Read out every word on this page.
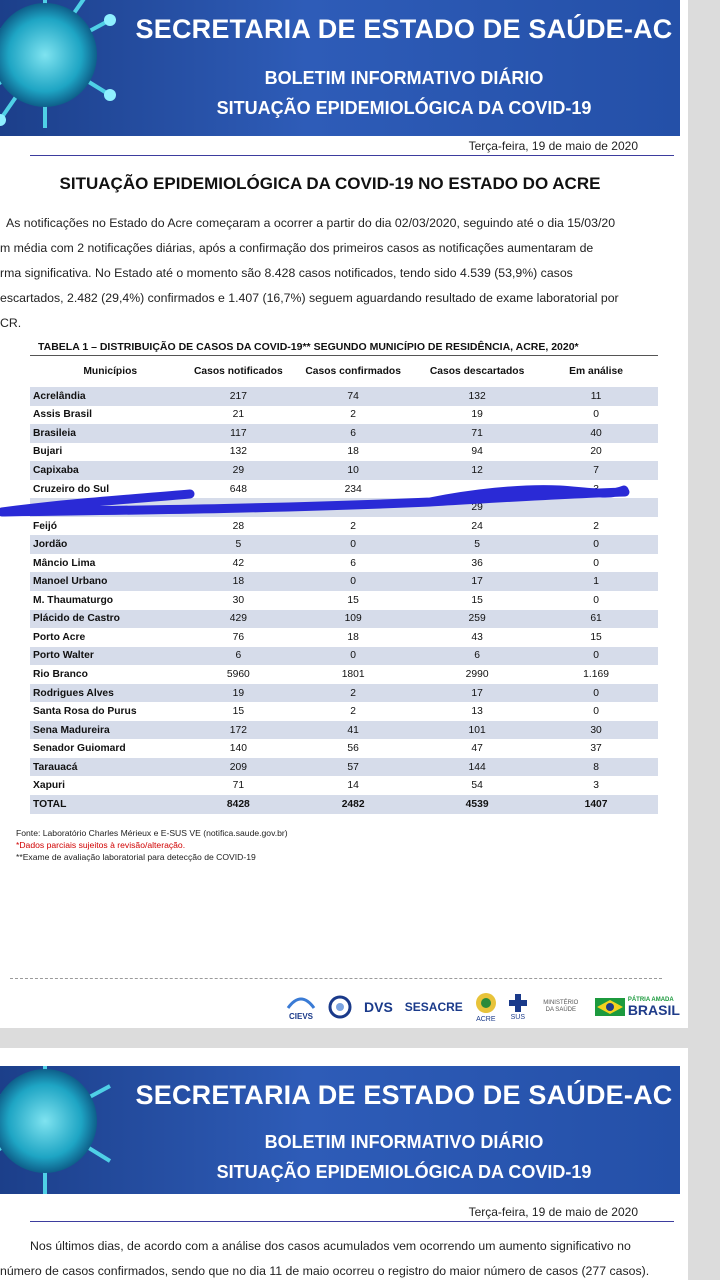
SECRETARIA DE ESTADO DE SAÚDE-AC
BOLETIM INFORMATIVO DIÁRIO
SITUAÇÃO EPIDEMIOLÓGICA DA COVID-19
Terça-feira, 19 de maio de 2020
SITUAÇÃO EPIDEMIOLÓGICA DA COVID-19 NO ESTADO DO ACRE
As notificações no Estado do Acre começaram a ocorrer a partir do dia 02/03/2020, seguindo até o dia 15/03/20
m média com 2 notificações diárias, após a confirmação dos primeiros casos as notificações aumentaram de
rma significativa. No Estado até o momento são 8.428 casos notificados, tendo sido 4.539 (53,9%) casos
escartados, 2.482 (29,4%) confirmados e 1.407 (16,7%) seguem aguardando resultado de exame laboratorial por
CR.
TABELA 1 – DISTRIBUIÇÃO DE CASOS DA COVID-19** SEGUNDO MUNICÍPIO DE RESIDÊNCIA, ACRE, 2020*
Municípios	Casos notificados	Casos confirmados	Casos descartados	Em análise
Acrelândia	217	74	132	11
Assis Brasil	21	2	19	0
Brasileia	117	6	71	40
Bujari	132	18	94	20
Capixaba	29	10	12	7
Cruzeiro do Sul	648	234		3
			29	
Feijó	28	2	24	2
Jordão	5	0	5	0
Mâncio Lima	42	6	36	0
Manoel Urbano	18	0	17	1
M. Thaumaturgo	30	15	15	0
Plácido de Castro	429	109	259	61
Porto Acre	76	18	43	15
Porto Walter	6	0	6	0
Rio Branco	5960	1801	2990	1.169
Rodrigues Alves	19	2	17	0
Santa Rosa do Purus	15	2	13	0
Sena Madureira	172	41	101	30
Senador Guiomard	140	56	47	37
Tarauacá	209	57	144	8
Xapuri	71	14	54	3
TOTAL	8428	2482	4539	1407
Fonte: Laboratório Charles Mérieux e E-SUS VE (notifica.saude.gov.br)
*Dados parciais sujeitos à revisão/alteração.
**Exame de avaliação laboratorial para detecção de COVID-19
CIEVS
DVS SESACRE
ACRE SUS
MINISTÉRIO DA SAÚDE
PÁTRIA AMADA
BRASIL
SECRETARIA DE ESTADO DE SAÚDE-AC
BOLETIM INFORMATIVO DIÁRIO
SITUAÇÃO EPIDEMIOLÓGICA DA COVID-19
Terça-feira, 19 de maio de 2020
Nos últimos dias, de acordo com a análise dos casos acumulados vem ocorrendo um aumento significativo no
número de casos confirmados, sendo que no dia 11 de maio ocorreu o registro do maior número de casos (277 casos).
